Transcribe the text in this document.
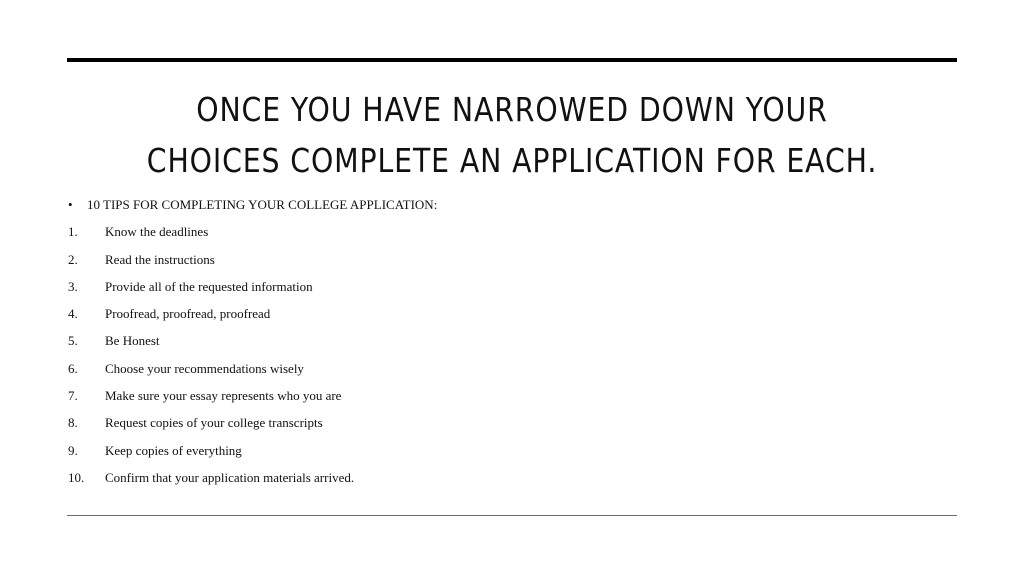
ONCE YOU HAVE NARROWED DOWN YOUR
CHOICES COMPLETE AN APPLICATION FOR EACH.
• 10 TIPS FOR COMPLETING YOUR COLLEGE APPLICATION:
1. Know the deadlines
2. Read the instructions
3. Provide all of the requested information
4. Proofread, proofread, proofread
5. Be Honest
6. Choose your recommendations wisely
7. Make sure your essay represents who you are
8. Request copies of your college transcripts
9. Keep copies of everything
10. Confirm that your application materials arrived.
